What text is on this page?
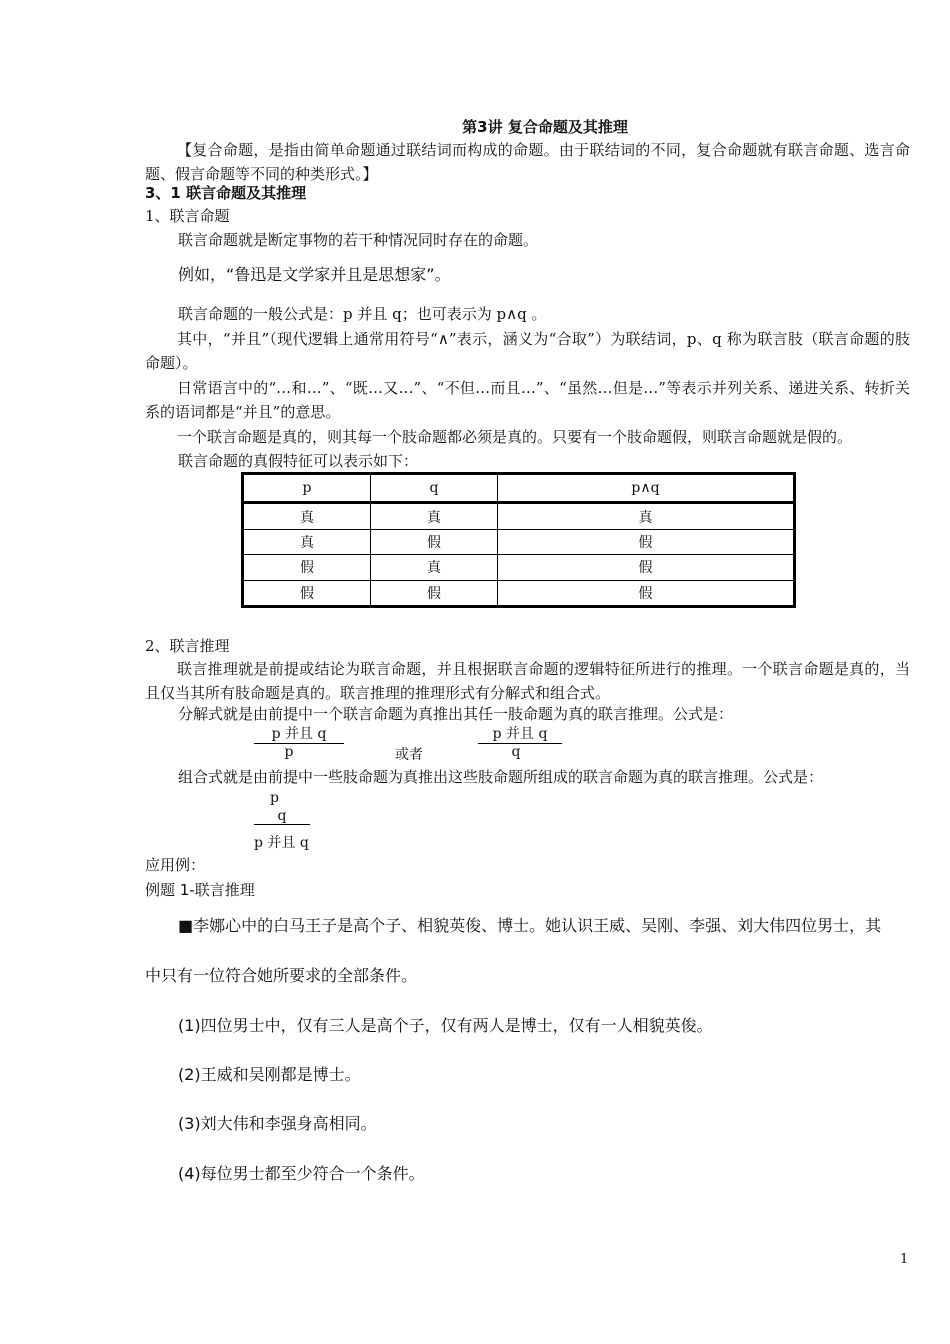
第3讲 复合命题及其推理
【复合命题，是指由简单命题通过联结词而构成的命题。由于联结词的不同，复合命题就有联言命题、选言命题、假言命题等不同的种类形式。】
3、1 联言命题及其推理
1、联言命题
联言命题就是断定事物的若干种情况同时存在的命题。
例如，“鲁迅是文学家并且是思想家”。
联言命题的一般公式是：p 并且 q；也可表示为 p∧q 。
其中，“并且”（现代逻辑上通常用符号“∧”表示，涵义为“合取”）为联结词，p、q 称为联言肢（联言命题的肢命题）。
日常语言中的“…和…”、“既…又…”、“不但…而且…”、“虽然…但是…”等表示并列关系、递进关系、转折关系的语词都是“并且”的意思。
一个联言命题是真的，则其每一个肢命题都必须是真的。只要有一个肢命题假，则联言命题就是假的。
联言命题的真假特征可以表示如下：
p	q	p∧q
真	真	真
真	假	假
假	真	假
假	假	假
2、联言推理
联言推理就是前提或结论为联言命题，并且根据联言命题的逻辑特征所进行的推理。一个联言命题是真的，当且仅当其所有肢命题是真的。联言推理的推理形式有分解式和组合式。
分解式就是由前提中一个联言命题为真推出其任一肢命题为真的联言推理。公式是：
p 并且 q
p	或者
p 并且 q
q
组合式就是由前提中一些肢命题为真推出这些肢命题所组成的联言命题为真的联言推理。公式是：
p
q
p 并且 q
应用例：
例题 1-联言推理
■李娜心中的白马王子是高个子、相貌英俊、博士。她认识王威、吴刚、李强、刘大伟四位男士，其
中只有一位符合她所要求的全部条件。
(1)四位男士中，仅有三人是高个子，仅有两人是博士，仅有一人相貌英俊。
(2)王威和吴刚都是博士。
(3)刘大伟和李强身高相同。
(4)每位男士都至少符合一个条件。
1
